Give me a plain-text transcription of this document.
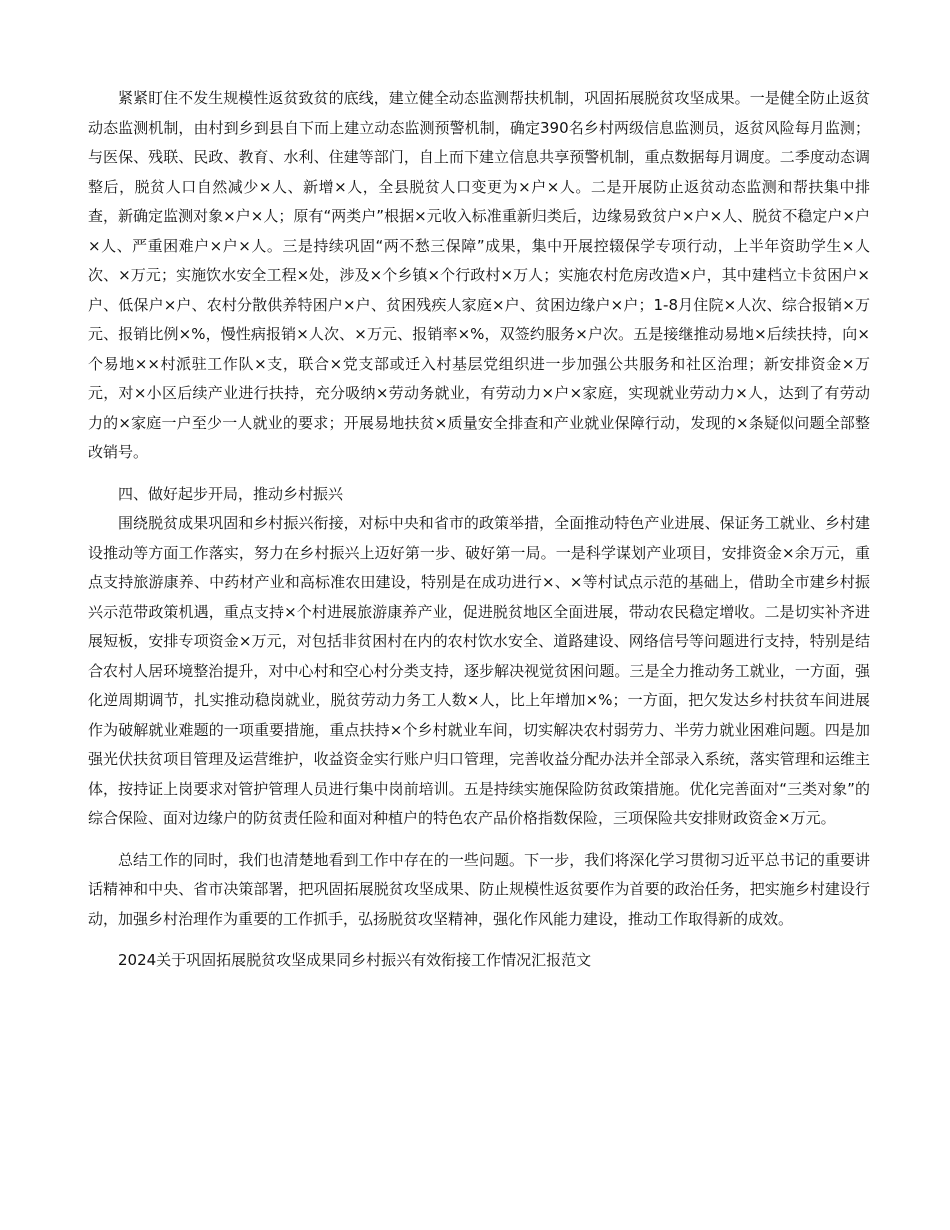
紧紧盯住不发生规模性返贫致贫的底线，建立健全动态监测帮扶机制，巩固拓展脱贫攻坚成果。一是健全防止返贫动态监测机制，由村到乡到县自下而上建立动态监测预警机制，确定390名乡村两级信息监测员，返贫风险每月监测；与医保、残联、民政、教育、水利、住建等部门，自上而下建立信息共享预警机制，重点数据每月调度。二季度动态调整后，脱贫人口自然减少×人、新增×人，全县脱贫人口变更为×户×人。二是开展防止返贫动态监测和帮扶集中排查，新确定监测对象×户×人；原有“两类户”根据×元收入标准重新归类后，边缘易致贫户×户×人、脱贫不稳定户×户×人、严重困难户×户×人。三是持续巩固“两不愁三保障”成果，集中开展控辍保学专项行动，上半年资助学生×人次、×万元；实施饮水安全工程×处，涉及×个乡镇×个行政村×万人；实施农村危房改造×户，其中建档立卡贫困户×户、低保户×户、农村分散供养特困户×户、贫困残疾人家庭×户、贫困边缘户×户；1-8月住院×人次、综合报销×万元、报销比例×%，慢性病报销×人次、×万元、报销率×%，双签约服务×户次。五是接继推动易地×后续扶持，向×个易地××村派驻工作队×支，联合×党支部或迁入村基层党组织进一步加强公共服务和社区治理；新安排资金×万元，对×小区后续产业进行扶持，充分吸纳×劳动务就业，有劳动力×户×家庭，实现就业劳动力×人，达到了有劳动力的×家庭一户至少一人就业的要求；开展易地扶贫×质量安全排查和产业就业保障行动，发现的×条疑似问题全部整改销号。

四、做好起步开局，推动乡村振兴

围绕脱贫成果巩固和乡村振兴衔接，对标中央和省市的政策举措，全面推动特色产业进展、保证务工就业、乡村建设推动等方面工作落实，努力在乡村振兴上迈好第一步、破好第一局。一是科学谋划产业项目，安排资金×余万元，重点支持旅游康养、中药材产业和高标准农田建设，特别是在成功进行×、×等村试点示范的基础上，借助全市建乡村振兴示范带政策机遇，重点支持×个村进展旅游康养产业，促进脱贫地区全面进展，带动农民稳定增收。二是切实补齐进展短板，安排专项资金×万元，对包括非贫困村在内的农村饮水安全、道路建设、网络信号等问题进行支持，特别是结合农村人居环境整治提升，对中心村和空心村分类支持，逐步解决视觉贫困问题。三是全力推动务工就业，一方面，强化逆周期调节，扎实推动稳岗就业，脱贫劳动力务工人数×人，比上年增加×%；一方面，把欠发达乡村扶贫车间进展作为破解就业难题的一项重要措施，重点扶持×个乡村就业车间，切实解决农村弱劳力、半劳力就业困难问题。四是加强光伏扶贫项目管理及运营维护，收益资金实行账户归口管理，完善收益分配办法并全部录入系统，落实管理和运维主体，按持证上岗要求对管护管理人员进行集中岗前培训。五是持续实施保险防贫政策措施。优化完善面对“三类对象”的综合保险、面对边缘户的防贫责任险和面对种植户的特色农产品价格指数保险，三项保险共安排财政资金×万元。

总结工作的同时，我们也清楚地看到工作中存在的一些问题。下一步，我们将深化学习贯彻习近平总书记的重要讲话精神和中央、省市决策部署，把巩固拓展脱贫攻坚成果、防止规模性返贫要作为首要的政治任务，把实施乡村建设行动，加强乡村治理作为重要的工作抓手，弘扬脱贫攻坚精神，强化作风能力建设，推动工作取得新的成效。

2024关于巩固拓展脱贫攻坚成果同乡村振兴有效衔接工作情况汇报范文
